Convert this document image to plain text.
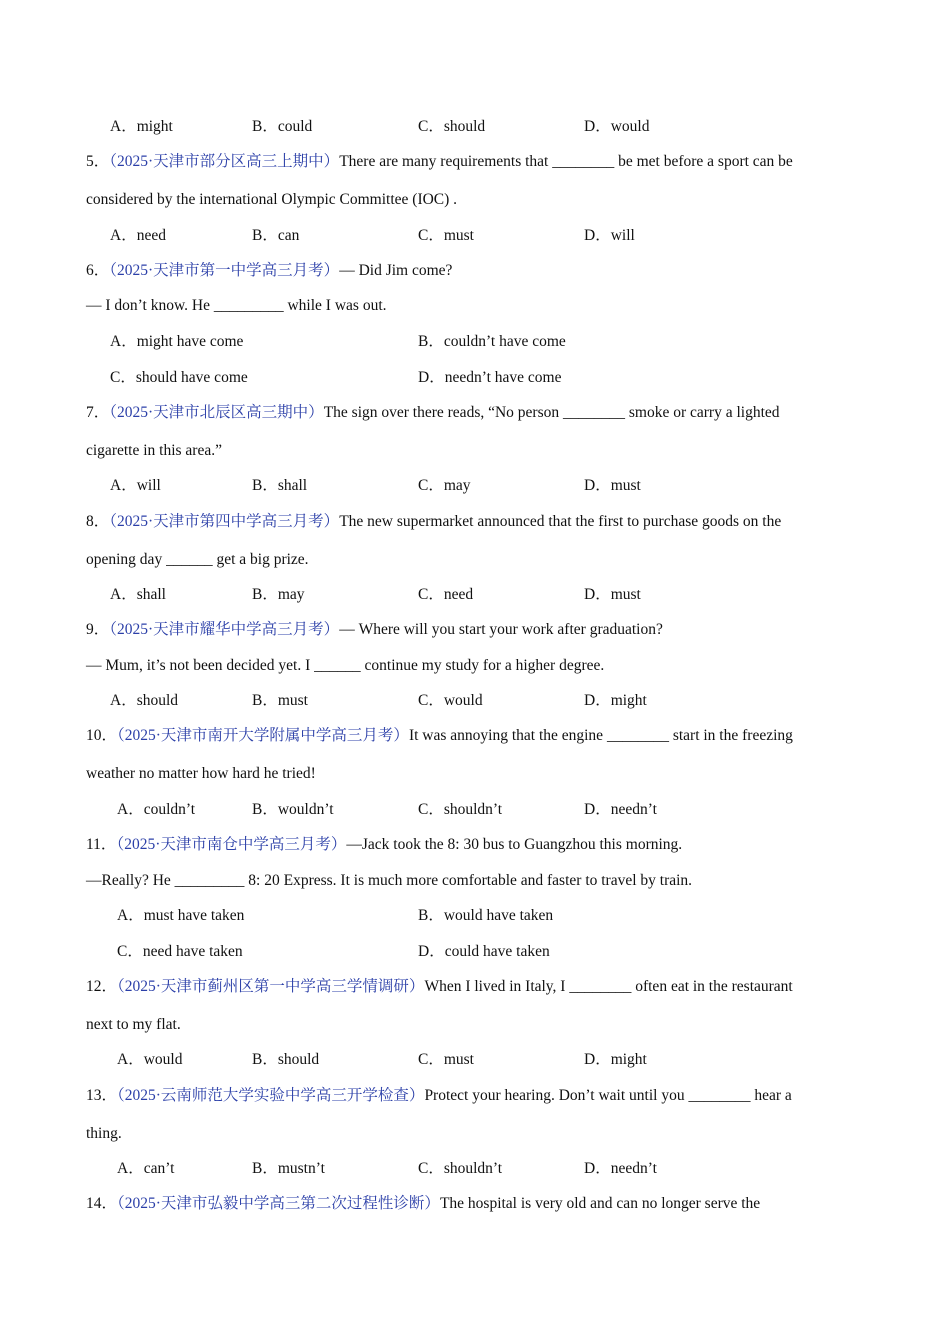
A．might	B．could	C．should	D．would
5．（2025·天津市部分区高三上期中）There are many requirements that ________ be met before a sport can be
considered by the international Olympic Committee (IOC) .
A．need	B．can	C．must	D．will
6．（2025·天津市第一中学高三月考）— Did Jim come?
— I don’t know. He _________ while I was out.
A．might have come	B．couldn’t have come
C．should have come	D．needn’t have come
7．（2025·天津市北辰区高三期中）The sign over there reads, “No person ________ smoke or carry a lighted
cigarette in this area.”
A．will	B．shall	C．may	D．must
8．（2025·天津市第四中学高三月考）The new supermarket announced that the first to purchase goods on the
opening day ______ get a big prize.
A．shall	B．may	C．need	D．must
9．（2025·天津市耀华中学高三月考）— Where will you start your work after graduation?
— Mum, it’s not been decided yet. I ______ continue my study for a higher degree.
A．should	B．must	C．would	D．might
10．（2025·天津市南开大学附属中学高三月考）It was annoying that the engine ________ start in the freezing
weather no matter how hard he tried!
A．couldn’t	B．wouldn’t	C．shouldn’t	D．needn’t
11．（2025·天津市南仓中学高三月考）—Jack took the 8: 30 bus to Guangzhou this morning.
—Really? He _________ 8: 20 Express. It is much more comfortable and faster to travel by train.
A．must have taken	B．would have taken
C．need have taken	D．could have taken
12．（2025·天津市蓟州区第一中学高三学情调研）When I lived in Italy, I ________ often eat in the restaurant
next to my flat.
A．would	B．should	C．must	D．might
13．（2025·云南师范大学实验中学高三开学检查）Protect your hearing. Don’t wait until you ________ hear a
thing.
A．can’t	B．mustn’t	C．shouldn’t	D．needn’t
14．（2025·天津市弘毅中学高三第二次过程性诊断）The hospital is very old and can no longer serve the
